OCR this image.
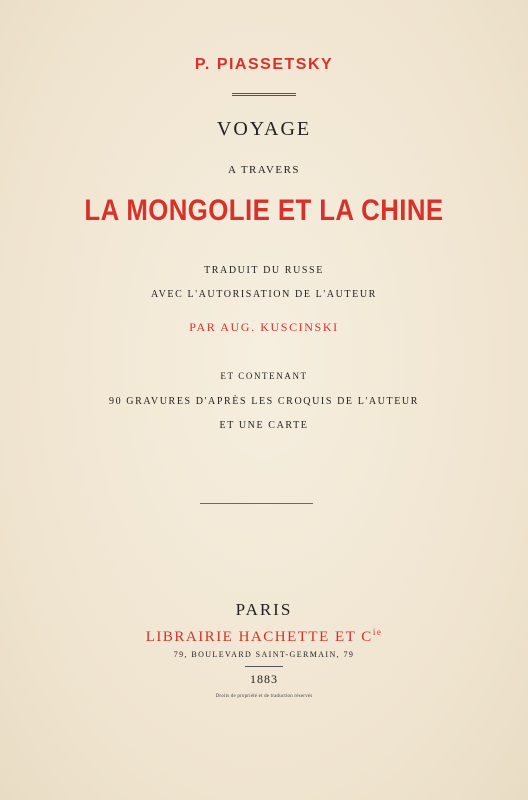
P. PIASSETSKY
VOYAGE
A TRAVERS
LA MONGOLIE ET LA CHINE
TRADUIT DU RUSSE
AVEC L'AUTORISATION DE L'AUTEUR
PAR AUG. KUSCINSKI
ET CONTENANT
90 GRAVURES D'APRÈS LES CROQUIS DE L'AUTEUR
ET UNE CARTE
PARIS
LIBRAIRIE HACHETTE ET $C^{ie}$
79, BOULEVARD SAINT-GERMAIN, 79
1883
Droits de propriété et de traduction réservés
